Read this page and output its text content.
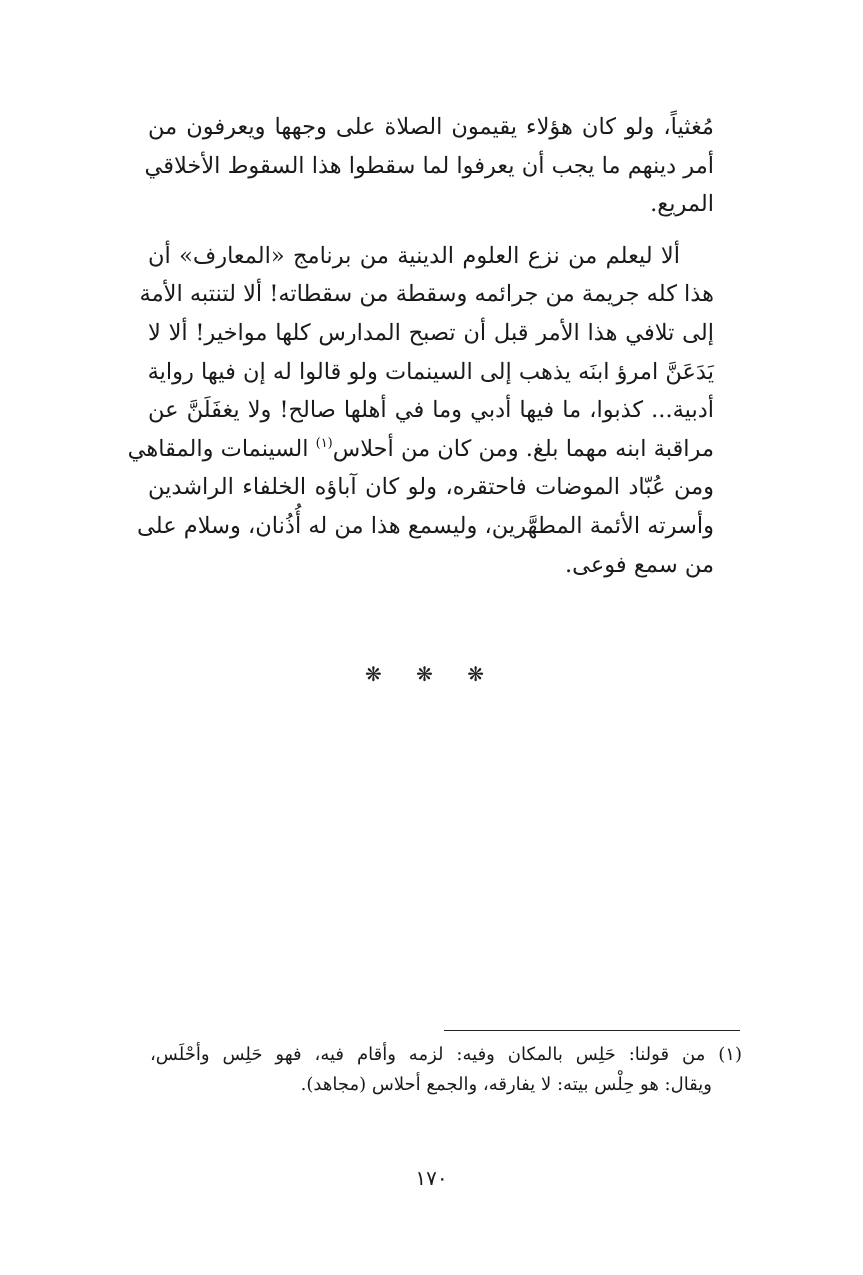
مُغثياً، ولو كان هؤلاء يقيمون الصلاة على وجهها ويعرفون من
أمر دينهم ما يجب أن يعرفوا لما سقطوا هذا السقوط الأخلاقي
المريع.
ألا ليعلم من نزع العلوم الدينية من برنامج «المعارف» أن
هذا كله جريمة من جرائمه وسقطة من سقطاته! ألا لتنتبه الأمة
إلى تلافي هذا الأمر قبل أن تصبح المدارس كلها مواخير! ألا لا
يَدَعَنَّ امرؤ ابنَه يذهب إلى السينمات ولو قالوا له إن فيها رواية
أدبية... كذبوا، ما فيها أدبي وما في أهلها صالح! ولا يغفَلَنَّ عن
مراقبة ابنه مهما بلغ. ومن كان من أحلاس$^{(١)}$ السينمات والمقاهي
ومن عُبّاد الموضات فاحتقره، ولو كان آباؤه الخلفاء الراشدين
وأسرته الأئمة المطهَّرين، وليسمع هذا من له أُذُنان، وسلام على
من سمع فوعى.
❋ ❋ ❋
(١) من قولنا: حَلِس بالمكان وفيه: لزمه وأقام فيه، فهو حَلِس وأحْلَس،
ويقال: هو حِلْس بيته: لا يفارقه، والجمع أحلاس (مجاهد).
١٧٠
